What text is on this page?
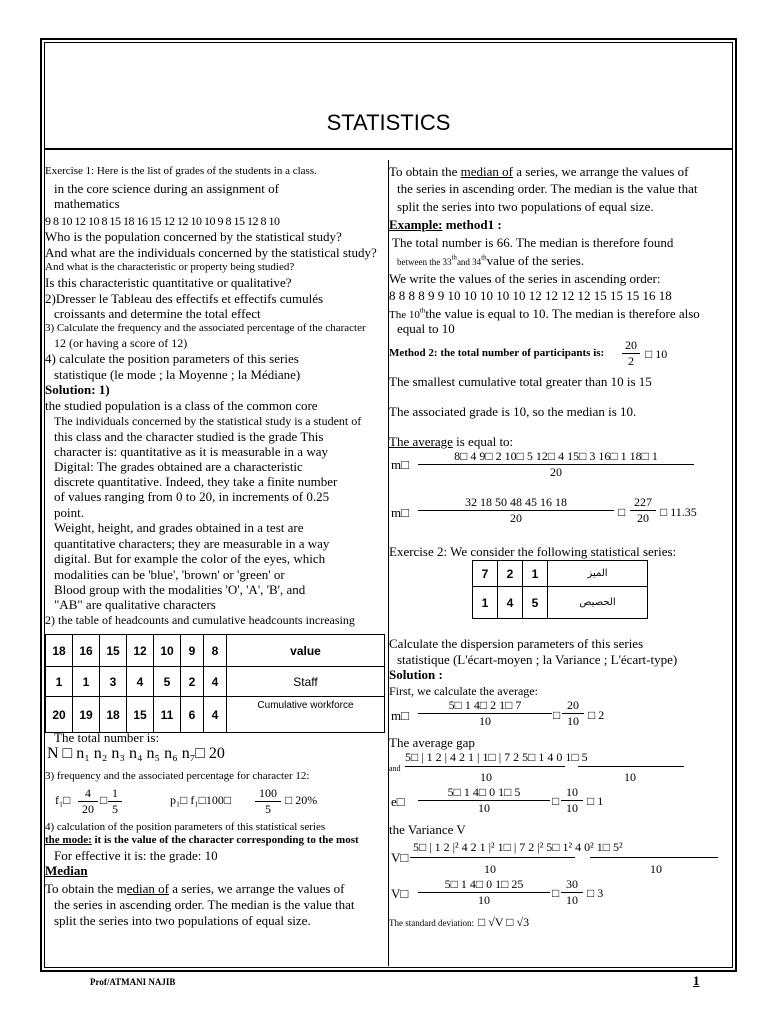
STATISTICS
Exercise 1: Here is the list of grades of the students in a class.
in the core science during an assignment of
mathematics
9 8 10 12 10 8 15 18 16 15 12 12 10 10 9 8 15 12 8 10
Who is the population concerned by the statistical study?
And what are the individuals concerned by the statistical study?
And what is the characteristic or property being studied?
Is this characteristic quantitative or qualitative?
2)Dresser le Tableau des effectifs et effectifs cumulés
croissants and determine the total effect
3) Calculate the frequency and the associated percentage of the character
12 (or having a score of 12)
4) calculate the position parameters of this series
statistique (le mode ; la Moyenne ; la Médiane)
Solution: 1)
the studied population is a class of the common core
The individuals concerned by the statistical study is a student of
this class and the character studied is the grade This
character is: quantitative as it is measurable in a way
Digital: The grades obtained are a characteristic
discrete quantitative. Indeed, they take a finite number
of values ranging from 0 to 20, in increments of 0.25
point.
Weight, height, and grades obtained in a test are
quantitative characters; they are measurable in a way
digital. But for example the color of the eyes, which
modalities can be 'blue', 'brown' or 'green' or
Blood group with the modalities 'O', 'A', 'B', and
"AB" are qualitative characters
2) the table of headcounts and cumulative headcounts increasing
18	16	15	12	10	9	8	value
1	1	3	4	5	2	4	Staff
20	19	18	15	11	6	4	Cumulative workforce
The total number is:
N □ n₁ n₂ n₃ n₄ n₅ n₆ n₇□ 20
3) frequency and the associated percentage for character 12:
f₁□ $\frac{4}{20}$ □ $\frac{1}{5}$	p₁□ f₁□100□ $\frac{100}{5}$ □ 20%
4) calculation of the position parameters of this statistical series
the mode: it is the value of the character corresponding to the most
For effective it is: the grade: 10
Median
To obtain the median of a series, we arrange the values of
the series in ascending order. The median is the value that
split the series into two populations of equal size.
To obtain the median of a series, we arrange the values of
the series in ascending order. The median is the value that
split the series into two populations of equal size.
Example: method1 :
The total number is 66. The median is therefore found
between the 33thand 34thvalue of the series.
We write the values of the series in ascending order:
8 8 8 8 9 9 10 10 10 10 10 12 12 12 12 15 15 15 16 18
The 10ththe value is equal to 10. The median is therefore also
equal to 10
Method 2: the total number of participants is: $\frac{20}{2}$ □ 10
The smallest cumulative total greater than 10 is 15
The associated grade is 10, so the median is 10.
The average is equal to:
m□ $\frac{8□ 4 9□ 2 10□ 5 12□ 4 15□ 3 16□ 1 18□ 1}{20}$
m□ $\frac{32 18 50 48 45 16 18}{20}$ □ $\frac{227}{20}$ □ 11.35
Exercise 2: We consider the following statistical series:
7	2	1	الميز
1	4	5	الحصيص
Calculate the dispersion parameters of this series
statistique (L'écart-moyen ; la Variance ; L'écart-type)
Solution :
First, we calculate the average:
m□ $\frac{5□ 1 4□ 2 1□ 7}{10}$ □ $\frac{20}{10}$ □ 2
The average gap
and
5□ | 1 2 | 4 2 1 | 1□ | 7 2 5□ 1 4 0 1□ 5
10	10
e□ $\frac{5□ 1 4□ 0 1□ 5}{10}$ □ $\frac{10}{10}$ □ 1
the Variance V
V□
5□ | 1 2 |² 4 2 1 |² 1□ | 7 2 |² 5□ 1² 4 0² 1□ 5²
10	10
V□ $\frac{5□ 1 4□ 0 1□ 25}{10}$ □ $\frac{30}{10}$ □ 3
The standard deviation: □ √V □ √3
Prof/ATMANI NAJIB	1
